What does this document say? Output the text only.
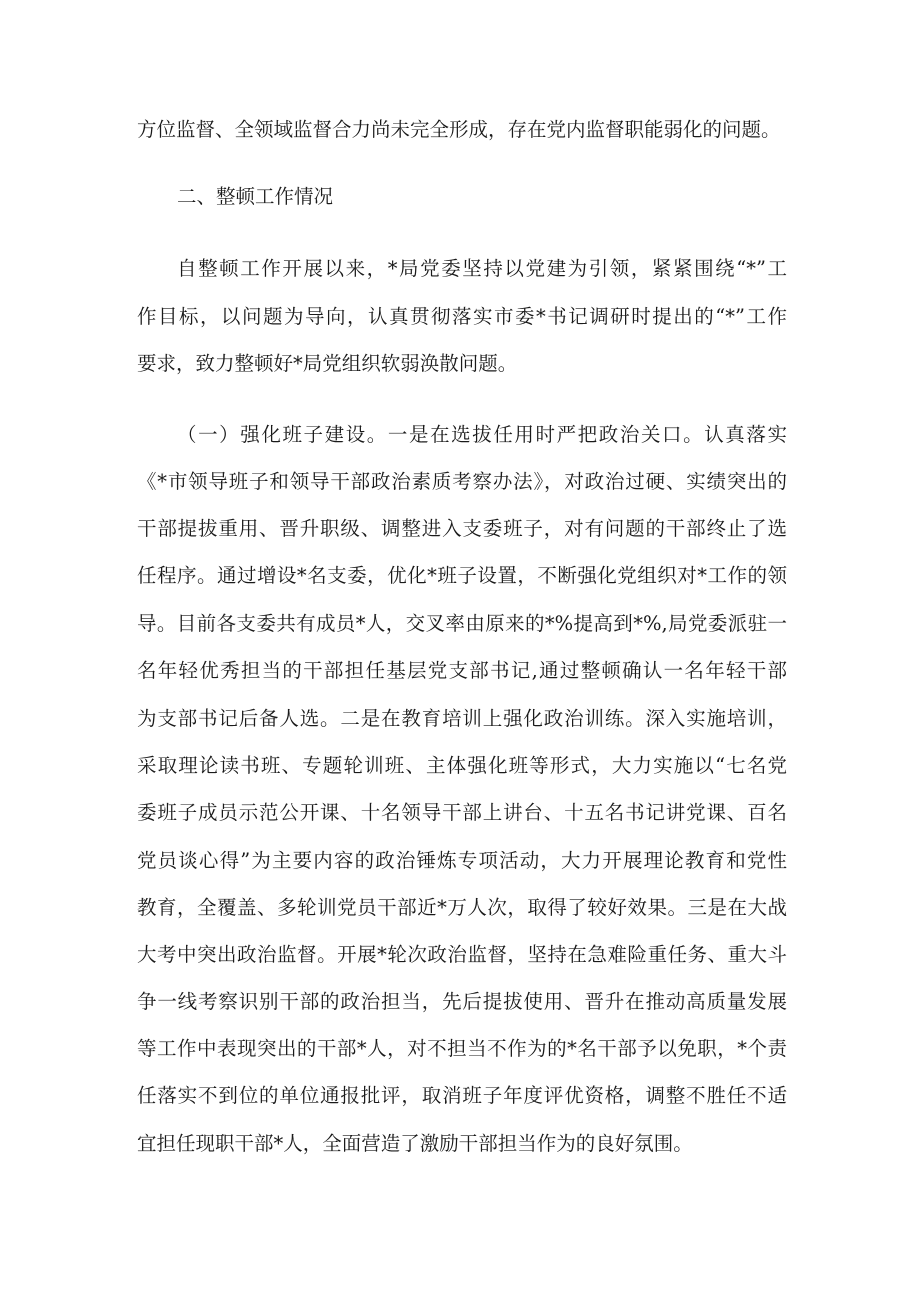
方位监督、全领域监督合力尚未完全形成，存在党内监督职能弱化的问题。
二、整顿工作情况
自整顿工作开展以来，*局党委坚持以党建为引领，紧紧围绕“*”工
作目标，以问题为导向，认真贯彻落实市委*书记调研时提出的“*”工作
要求，致力整顿好*局党组织软弱涣散问题。
（一）强化班子建设。一是在选拔任用时严把政治关口。认真落实
《*市领导班子和领导干部政治素质考察办法》，对政治过硬、实绩突出的
干部提拔重用、晋升职级、调整进入支委班子，对有问题的干部终止了选
任程序。通过增设*名支委，优化*班子设置，不断强化党组织对*工作的领
导。目前各支委共有成员*人，交叉率由原来的*%提高到*%,局党委派驻一
名年轻优秀担当的干部担任基层党支部书记,通过整顿确认一名年轻干部
为支部书记后备人选。二是在教育培训上强化政治训练。深入实施培训，
采取理论读书班、专题轮训班、主体强化班等形式，大力实施以“七名党
委班子成员示范公开课、十名领导干部上讲台、十五名书记讲党课、百名
党员谈心得”为主要内容的政治锤炼专项活动，大力开展理论教育和党性
教育，全覆盖、多轮训党员干部近*万人次，取得了较好效果。三是在大战
大考中突出政治监督。开展*轮次政治监督，坚持在急难险重任务、重大斗
争一线考察识别干部的政治担当，先后提拔使用、晋升在推动高质量发展
等工作中表现突出的干部*人，对不担当不作为的*名干部予以免职，*个责
任落实不到位的单位通报批评，取消班子年度评优资格，调整不胜任不适
宜担任现职干部*人，全面营造了激励干部担当作为的良好氛围。
